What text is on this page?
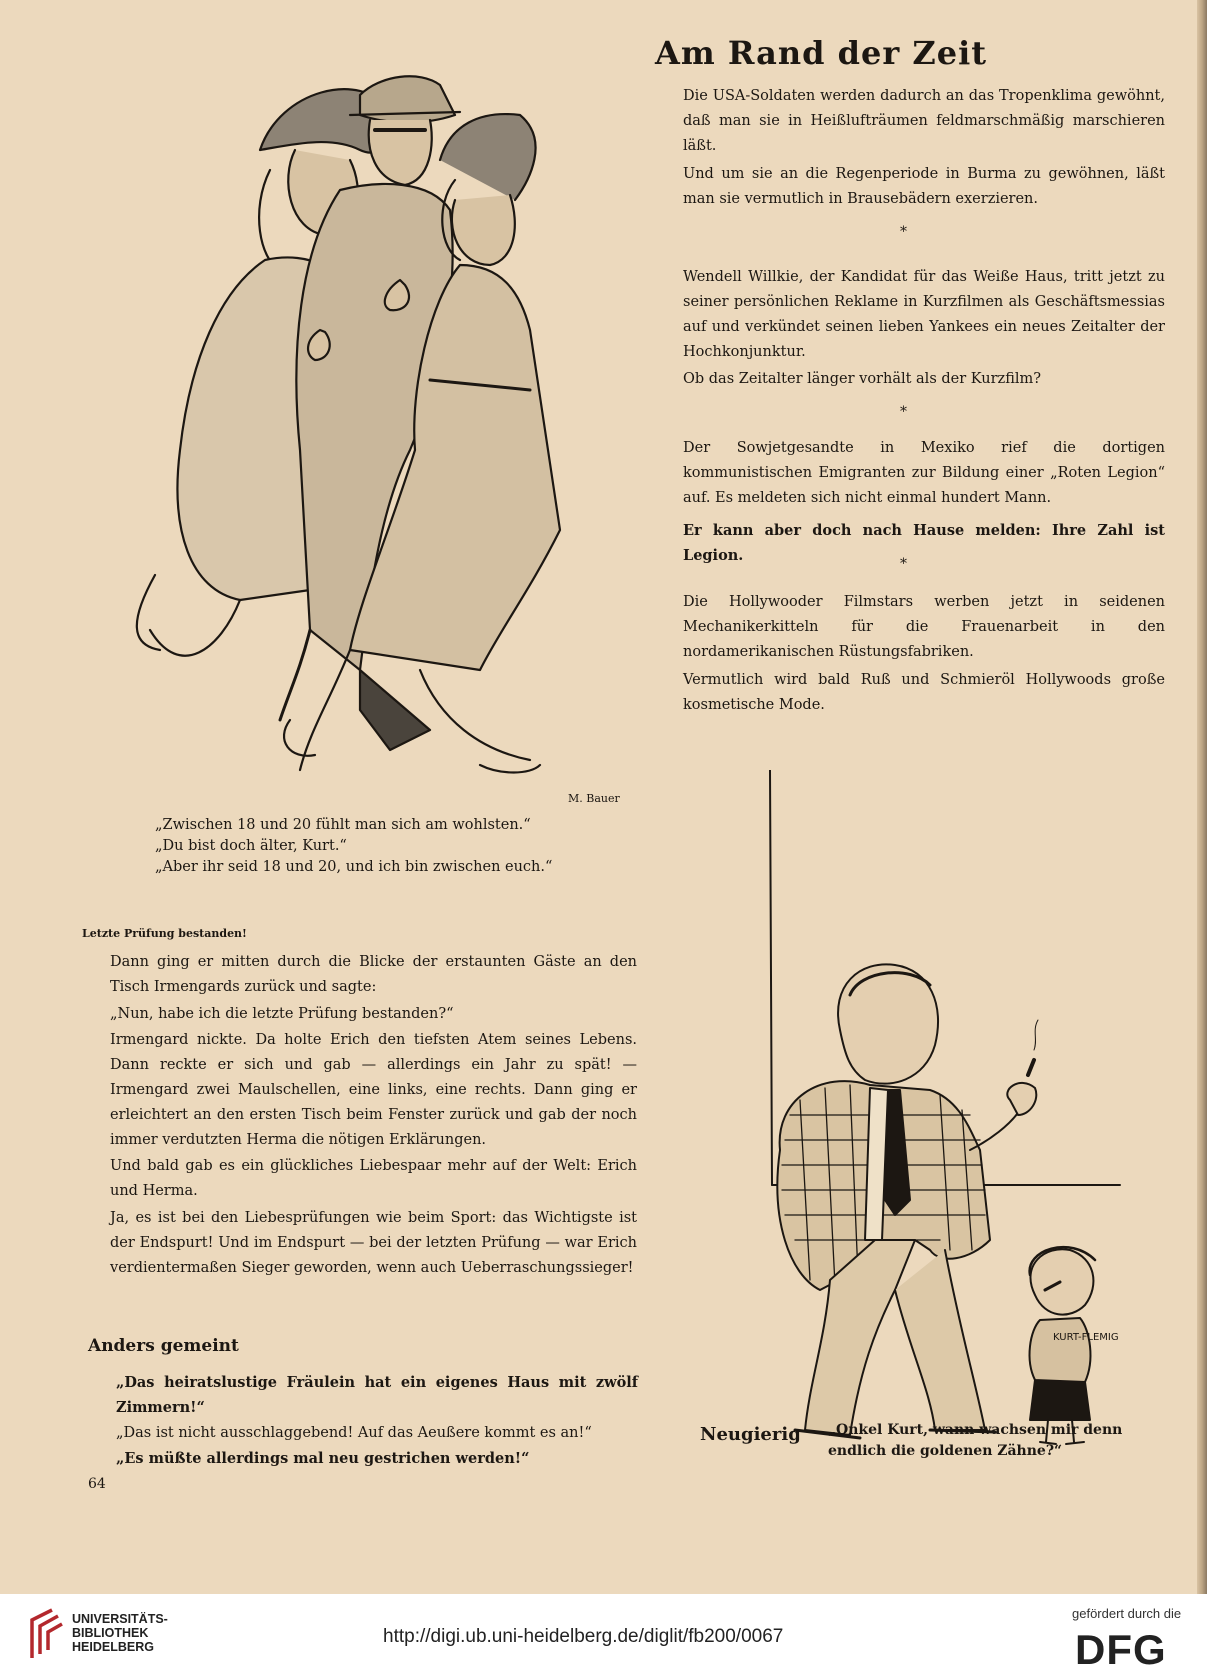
M. Bauer
„Zwischen 18 und 20 fühlt man sich am wohlsten.“
„Du bist doch älter, Kurt.“
„Aber ihr seid 18 und 20, und ich bin zwischen euch.“
Am Rand der Zeit
Die USA-Soldaten werden dadurch an das Tropenklima gewöhnt, daß man sie in Heißlufträumen feldmarschmäßig marschieren läßt.
Und um sie an die Regenperiode in Burma zu gewöhnen, läßt man sie vermutlich in Brausebädern exerzieren.
*
Wendell Willkie, der Kandidat für das Weiße Haus, tritt jetzt zu seiner persönlichen Reklame in Kurzfilmen als Geschäftsmessias auf und verkündet seinen lieben Yankees ein neues Zeitalter der Hochkonjunktur.
Ob das Zeitalter länger vorhält als der Kurzfilm?
*
Der Sowjetgesandte in Mexiko rief die dortigen kommunistischen Emigranten zur Bildung einer „Roten Legion“ auf. Es meldeten sich nicht einmal hundert Mann.
Er kann aber doch nach Hause melden: Ihre Zahl ist Legion.	*
Die Hollywooder Filmstars werben jetzt in seidenen Mechanikerkitteln für die Frauenarbeit in den nordamerikanischen Rüstungsfabriken.
Vermutlich wird bald Ruß und Schmieröl Hollywoods große kosmetische Mode.
Letzte Prüfung bestanden!
Dann ging er mitten durch die Blicke der erstaunten Gäste an den Tisch Irmengards zurück und sagte:
„Nun, habe ich die letzte Prüfung bestanden?“
Irmengard nickte. Da holte Erich den tiefsten Atem seines Lebens. Dann reckte er sich und gab — allerdings ein Jahr zu spät! — Irmengard zwei Maulschellen, eine links, eine rechts. Dann ging er erleichtert an den ersten Tisch beim Fenster zurück und gab der noch immer verdutzten Herma die nötigen Erklärungen.
Und bald gab es ein glückliches Liebespaar mehr auf der Welt: Erich und Herma.
Ja, es ist bei den Liebesprüfungen wie beim Sport: das Wichtigste ist der Endspurt! Und im Endspurt — bei der letzten Prüfung — war Erich verdientermaßen Sieger geworden, wenn auch Ueberraschungssieger!
Anders gemeint
„Das heiratslustige Fräulein hat ein eigenes Haus mit zwölf Zimmern!“
„Das ist nicht ausschlaggebend! Auf das Aeußere kommt es an!“
„Es müßte allerdings mal neu gestrichen werden!“
64
KURT-FLEMIG
Neugierig „Onkel Kurt, wann wachsen mir denn
endlich die goldenen Zähne?“
UNIVERSITÄTS-
BIBLIOTHEK
HEIDELBERG	http://digi.ub.uni-heidelberg.de/diglit/fb200/0067
gefördert durch die
DFG
